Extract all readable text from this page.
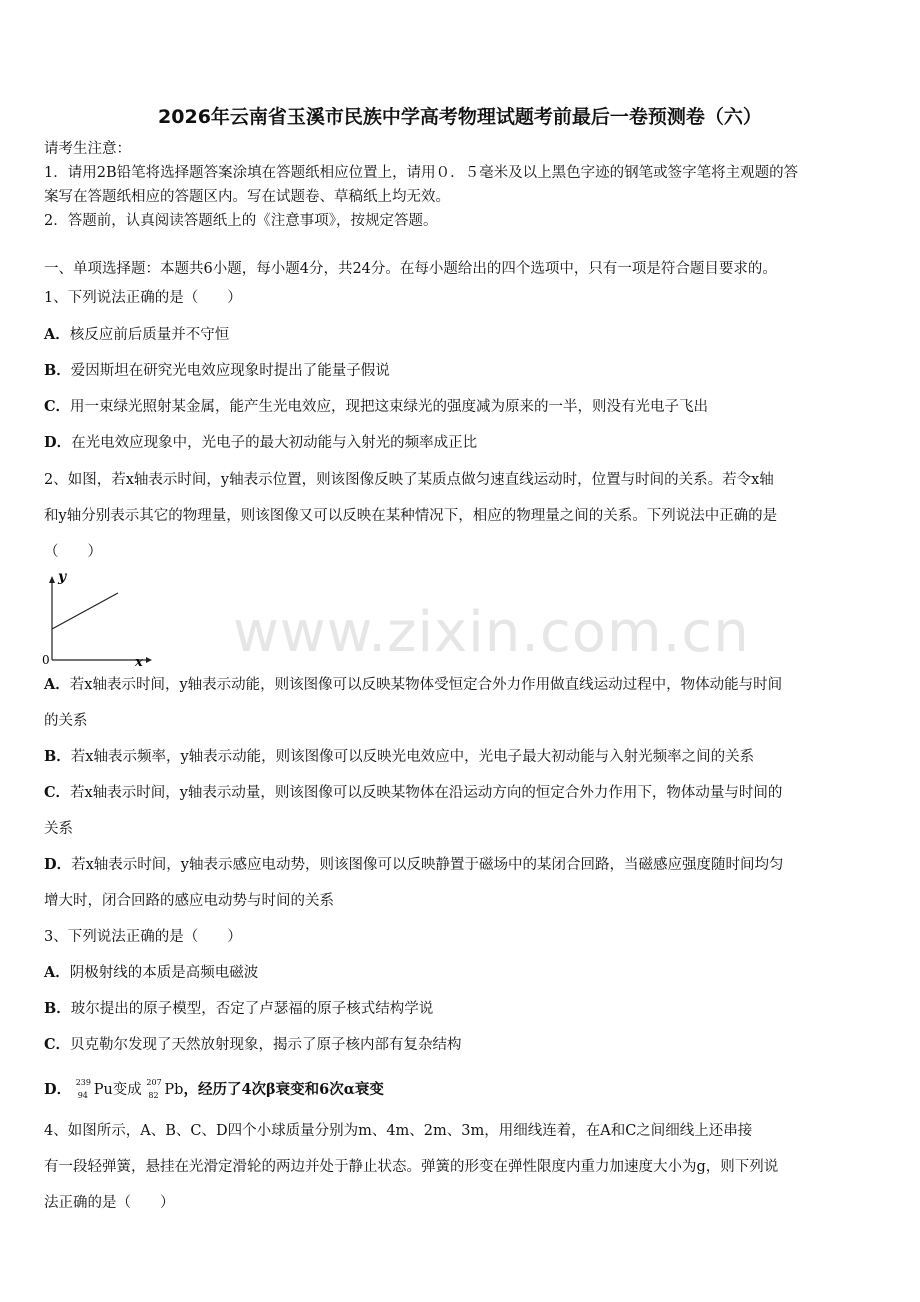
2026年云南省玉溪市民族中学高考物理试题考前最后一卷预测卷（六）
请考生注意：
1．请用2B铅笔将选择题答案涂填在答题纸相应位置上，请用０．５毫米及以上黑色字迹的钢笔或签字笔将主观题的答
案写在答题纸相应的答题区内。写在试题卷、草稿纸上均无效。
2．答题前，认真阅读答题纸上的《注意事项》，按规定答题。
一、单项选择题：本题共6小题，每小题4分，共24分。在每小题给出的四个选项中，只有一项是符合题目要求的。
1、下列说法正确的是（　　）
A．核反应前后质量并不守恒
B．爱因斯坦在研究光电效应现象时提出了能量子假说
C．用一束绿光照射某金属，能产生光电效应，现把这束绿光的强度减为原来的一半，则没有光电子飞出
D．在光电效应现象中，光电子的最大初动能与入射光的频率成正比
2、如图，若x轴表示时间，y轴表示位置，则该图像反映了某质点做匀速直线运动时，位置与时间的关系。若令x轴
和y轴分别表示其它的物理量，则该图像又可以反映在某种情况下，相应的物理量之间的关系。下列说法中正确的是
（　　）
y
x
0	www.zixin.com.cn
A．若x轴表示时间，y轴表示动能，则该图像可以反映某物体受恒定合外力作用做直线运动过程中，物体动能与时间
的关系
B．若x轴表示频率，y轴表示动能，则该图像可以反映光电效应中，光电子最大初动能与入射光频率之间的关系
C．若x轴表示时间，y轴表示动量，则该图像可以反映某物体在沿运动方向的恒定合外力作用下，物体动量与时间的
关系
D．若x轴表示时间，y轴表示感应电动势，则该图像可以反映静置于磁场中的某闭合回路，当磁感应强度随时间均匀
增大时，闭合回路的感应电动势与时间的关系
3、下列说法正确的是（　　）
A．阴极射线的本质是高频电磁波
B．玻尔提出的原子模型，否定了卢瑟福的原子核式结构学说
C．贝克勒尔发现了天然放射现象，揭示了原子核内部有复杂结构
D． 239
94 Pu变成 207
82 Pb，经历了4次β衰变和6次α衰变
4、如图所示，A、B、C、D四个小球质量分别为m、4m、2m、3m，用细线连着，在A和C之间细线上还串接
有一段轻弹簧，悬挂在光滑定滑轮的两边并处于静止状态。弹簧的形变在弹性限度内重力加速度大小为g，则下列说
法正确的是（　　）
